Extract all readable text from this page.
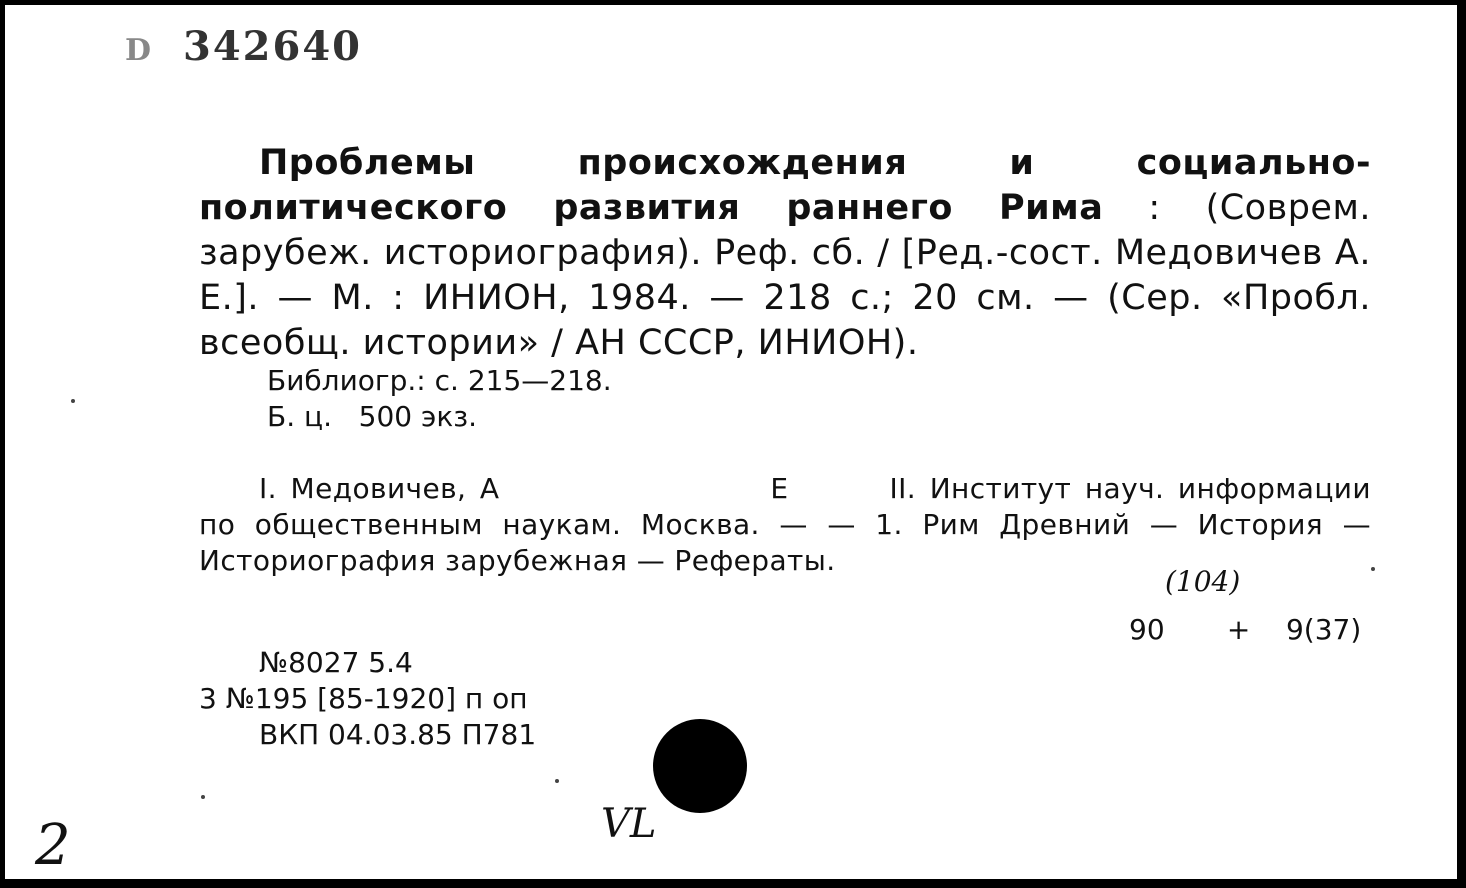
D 342640
Проблемы происхождения и социально-политического развития раннего Рима : (Соврем. зарубеж. историография). Реф. сб. / [Ред.-сост. Медовичев А. Е.]. — М. : ИНИОН, 1984. — 218 с.; 20 см. — (Сер. «Пробл. всеобщ. истории» / АН СССР, ИНИОН).
Библиогр.: с. 215—218.
Б. ц.   500 экз.
I. Медовичев, А	Е	II. Институт науч. информации по общественным наукам. Москва. — — 1. Рим Древний — История — Историография зарубежная — Рефераты.
(104)
90       +    9(37)
№8027 5.4
3 №195 [85-1920] п оп
ВКП 04.03.85 П781
VL
2
